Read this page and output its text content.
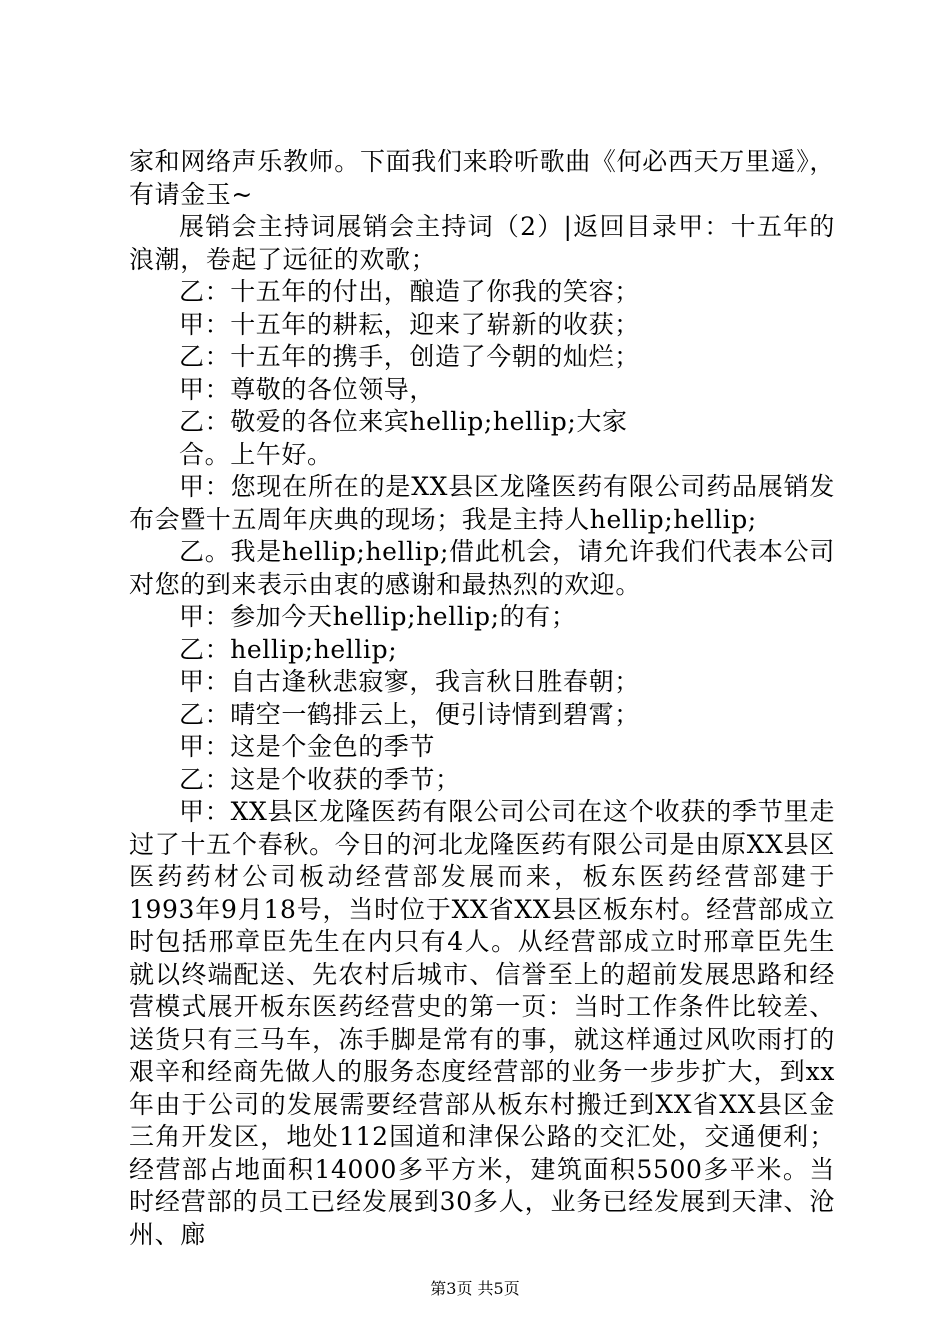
家和网络声乐教师。下面我们来聆听歌曲《何必西天万里遥》，有请金玉~

展销会主持词展销会主持词（2）|返回目录甲：十五年的浪潮，卷起了远征的欢歌；

乙：十五年的付出，酿造了你我的笑容；

甲：十五年的耕耘，迎来了崭新的收获；

乙：十五年的携手，创造了今朝的灿烂；

甲：尊敬的各位领导，

乙：敬爱的各位来宾hellip;hellip;大家

合。上午好。

甲：您现在所在的是XX县区龙隆医药有限公司药品展销发布会暨十五周年庆典的现场；我是主持人hellip;hellip;

乙。我是hellip;hellip;借此机会，请允许我们代表本公司对您的到来表示由衷的感谢和最热烈的欢迎。

甲：参加今天hellip;hellip;的有；

乙：hellip;hellip;

甲：自古逢秋悲寂寥，我言秋日胜春朝；

乙：晴空一鹤排云上，便引诗情到碧霄；

甲：这是个金色的季节

乙：这是个收获的季节；

甲：XX县区龙隆医药有限公司公司在这个收获的季节里走过了十五个春秋。今日的河北龙隆医药有限公司是由原XX县区医药药材公司板动经营部发展而来，板东医药经营部建于1993年9月18号，当时位于XX省XX县区板东村。经营部成立时包括邢章臣先生在内只有4人。从经营部成立时邢章臣先生就以终端配送、先农村后城市、信誉至上的超前发展思路和经营模式展开板东医药经营史的第一页：当时工作条件比较差、送货只有三马车，冻手脚是常有的事，就这样通过风吹雨打的艰辛和经商先做人的服务态度经营部的业务一步步扩大，到xx年由于公司的发展需要经营部从板东村搬迁到XX省XX县区金三角开发区，地处112国道和津保公路的交汇处，交通便利；经营部占地面积14000多平方米，建筑面积5500多平米。当时经营部的员工已经发展到30多人，业务已经发展到天津、沧州、廊

第3页 共5页
